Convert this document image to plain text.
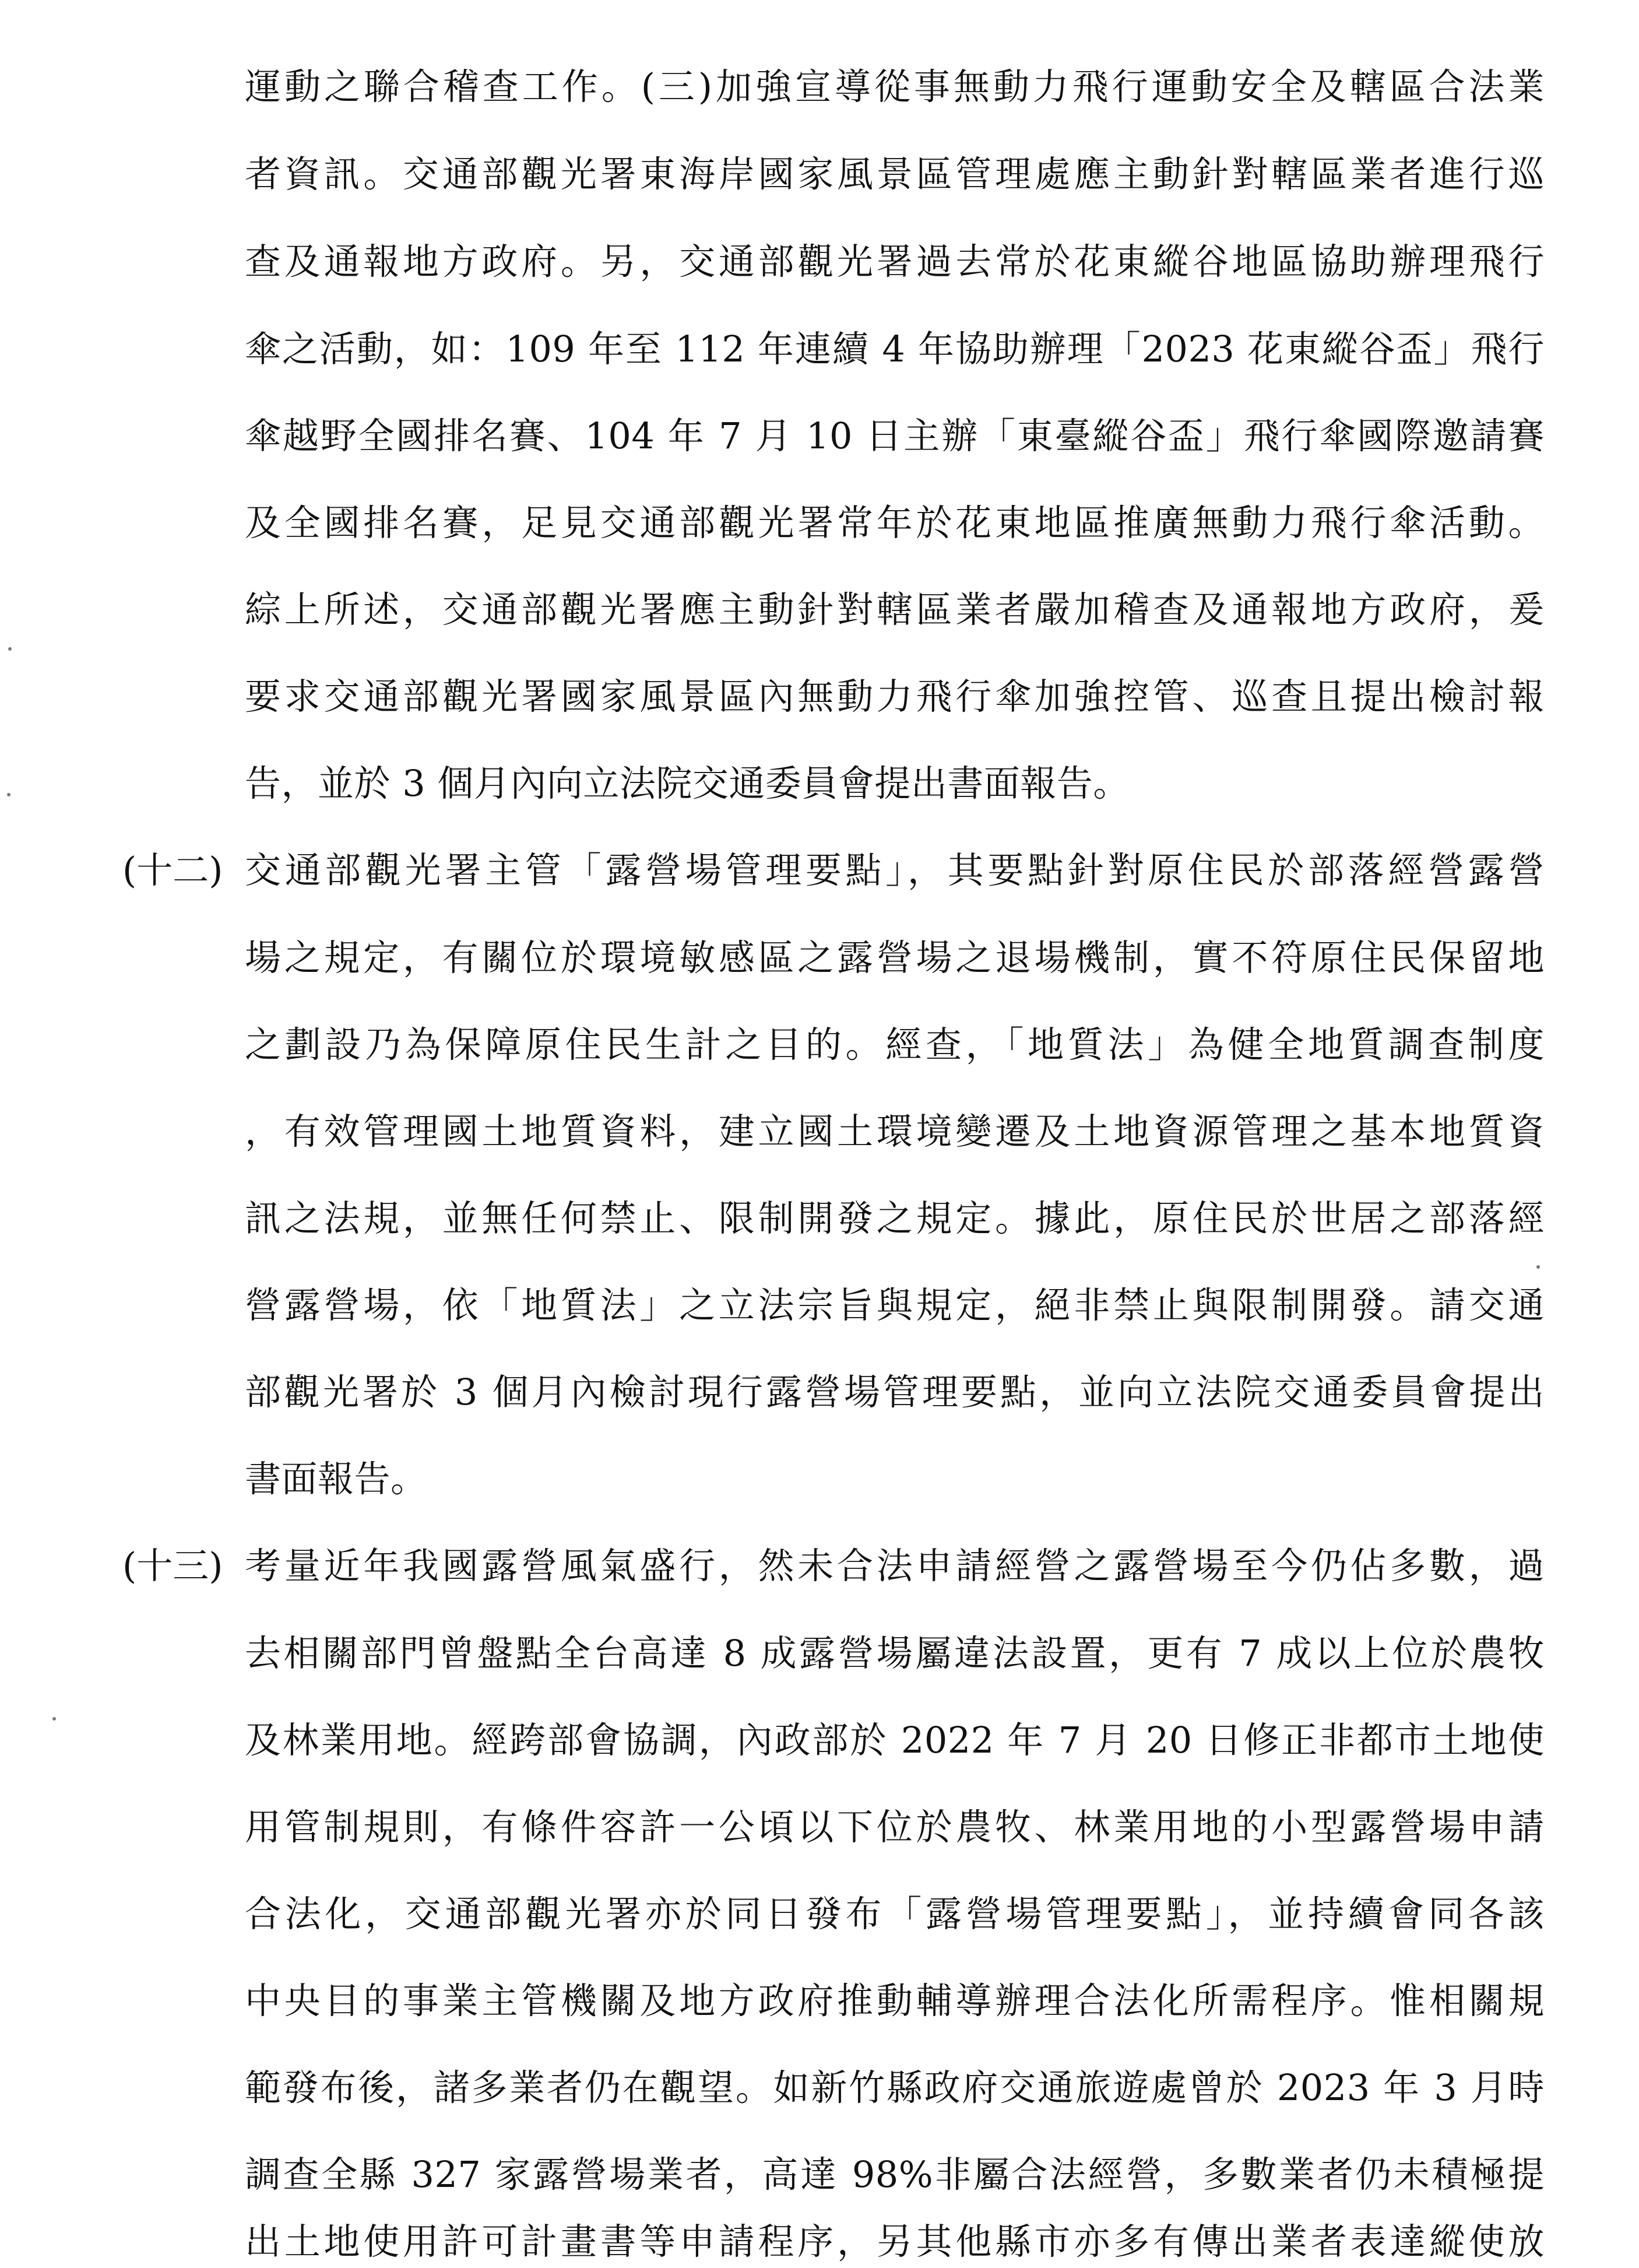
運動之聯合稽查工作。(三)加強宣導從事無動力飛行運動安全及轄區合法業
者資訊。交通部觀光署東海岸國家風景區管理處應主動針對轄區業者進行巡
查及通報地方政府。另，交通部觀光署過去常於花東縱谷地區協助辦理飛行
傘之活動，如：109 年至 112 年連續 4 年協助辦理「2023 花東縱谷盃」飛行
傘越野全國排名賽、104 年 7 月 10 日主辦「東臺縱谷盃」飛行傘國際邀請賽
及全國排名賽，足見交通部觀光署常年於花東地區推廣無動力飛行傘活動。
綜上所述，交通部觀光署應主動針對轄區業者嚴加稽查及通報地方政府，爰
要求交通部觀光署國家風景區內無動力飛行傘加強控管、巡查且提出檢討報
告，並於 3 個月內向立法院交通委員會提出書面報告。
(十二) 交通部觀光署主管「露營場管理要點」，其要點針對原住民於部落經營露營
場之規定，有關位於環境敏感區之露營場之退場機制，實不符原住民保留地
之劃設乃為保障原住民生計之目的。經查，「地質法」為健全地質調查制度
，有效管理國土地質資料，建立國土環境變遷及土地資源管理之基本地質資
訊之法規，並無任何禁止、限制開發之規定。據此，原住民於世居之部落經
營露營場，依「地質法」之立法宗旨與規定，絕非禁止與限制開發。請交通
部觀光署於 3 個月內檢討現行露營場管理要點，並向立法院交通委員會提出
書面報告。
(十三) 考量近年我國露營風氣盛行，然未合法申請經營之露營場至今仍佔多數，過
去相關部門曾盤點全台高達 8 成露營場屬違法設置，更有 7 成以上位於農牧
及林業用地。經跨部會協調，內政部於 2022 年 7 月 20 日修正非都市土地使
用管制規則，有條件容許一公頃以下位於農牧、林業用地的小型露營場申請
合法化，交通部觀光署亦於同日發布「露營場管理要點」，並持續會同各該
中央目的事業主管機關及地方政府推動輔導辦理合法化所需程序。惟相關規
範發布後，諸多業者仍在觀望。如新竹縣政府交通旅遊處曾於 2023 年 3 月時
調查全縣 327 家露營場業者，高達 98%非屬合法經營，多數業者仍未積極提
出土地使用許可計畫書等申請程序，另其他縣市亦多有傳出業者表達縱使放
